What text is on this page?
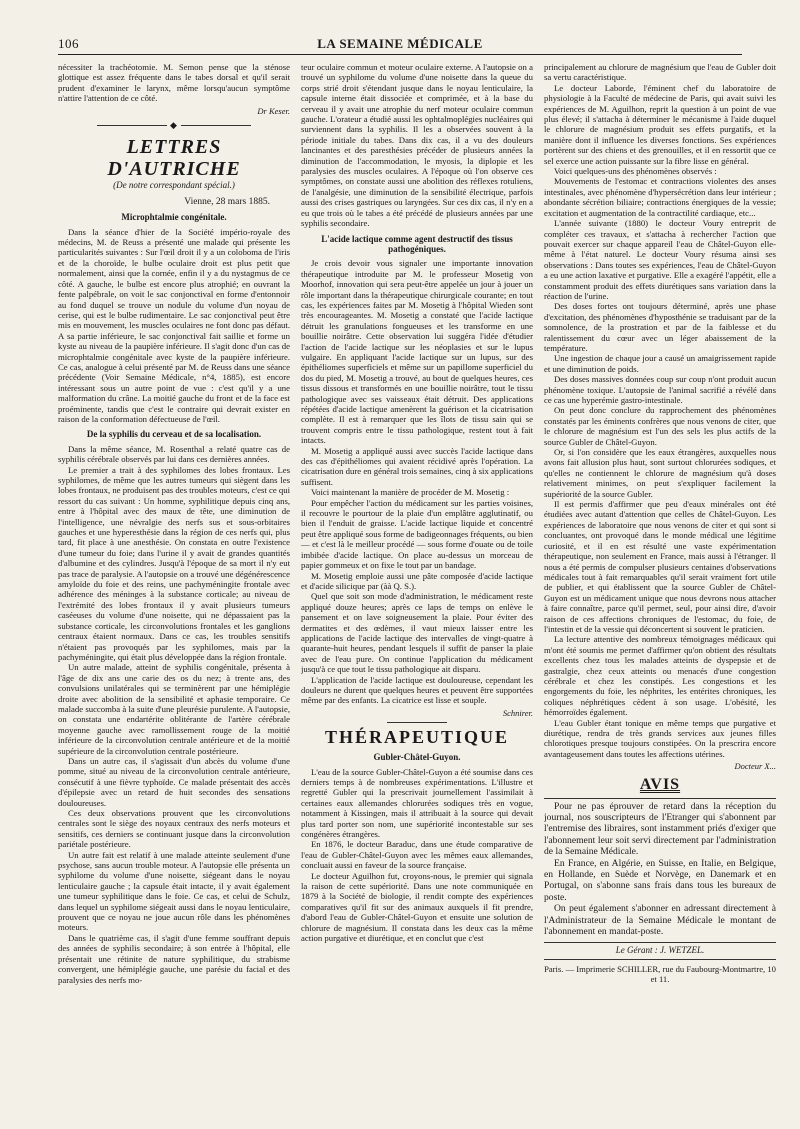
106	LA SEMAINE MÉDICALE

nécessiter la trachéotomie. M. Semon pense que la sténose glottique est assez fréquente dans le tabes dorsal et qu'il serait prudent d'examiner le larynx, même lorsqu'aucun symptôme n'attire l'attention de ce côté.

Dr Keser.
◆
LETTRES D'AUTRICHE
(De notre correspondant spécial.)
Vienne, 28 mars 1885.
Microphtalmie congénitale.

Dans la séance d'hier de la Société império-royale des médecins, M. de Reuss a présenté une malade qui présente les particularités suivantes : Sur l'œil droit il y a un coloboma de l'iris et de la choroïde, le bulbe oculaire droit est plus petit que normalement, ainsi que la cornée, enfin il y a du nystagmus de ce côté. A gauche, le bulbe est encore plus atrophié; en ouvrant la fente palpébrale, on voit le sac conjonctival en forme d'entonnoir au fond duquel se trouve un nodule du volume d'un noyau de cerise, qui est le bulbe rudimentaire. Le sac conjonctival peut être mis en mouvement, les muscles oculaires ne font donc pas défaut. A sa partie inférieure, le sac conjonctival fait saillie et forme un kyste au niveau de la paupière inférieure. Il s'agit donc d'un cas de microphtalmie congénitale avec kyste de la paupière inférieure. Ce cas, analogue à celui présenté par M. de Reuss dans une séance précédente (Voir Semaine Médicale, n°4, 1885), est encore intéressant sous un autre point de vue : c'est qu'il y a une malformation du crâne. La moitié gauche du front et de la face est proéminente, tandis que c'est le contraire qui devrait exister en raison de la conformation défectueuse de l'œil.

De la syphilis du cerveau et de sa localisation.

Dans la même séance, M. Rosenthal a relaté quatre cas de syphilis cérébrale observés par lui dans ces dernières années.

Le premier a trait à des syphilomes des lobes frontaux. Les syphilomes, de même que les autres tumeurs qui siègent dans les lobes frontaux, ne produisent pas des troubles moteurs, c'est ce qui ressort du cas suivant : Un homme, syphilitique depuis cinq ans, entre à l'hôpital avec des maux de tête, une diminution de l'intelligence, une névralgie des nerfs sus et sous-orbitaires gauches et une hyperesthésie dans la région de ces nerfs qui, plus tard, fit place à une anesthésie. On constata en outre l'existence d'une tumeur du foie; dans l'urine il y avait de grandes quantités d'albumine et des cylindres. Jusqu'à l'époque de sa mort il n'y eut pas trace de paralysie. A l'autopsie on a trouvé une dégénérescence amyloïde du foie et des reins, une pachyméningite frontale avec adhérence des méninges à la substance corticale; au niveau de l'extrémité des lobes frontaux il y avait plusieurs tumeurs caséeuses du volume d'une noisette, qui ne dépassaient pas la substance corticale, les circonvolutions frontales et les ganglions centraux étaient normaux. Dans ce cas, les troubles sensitifs n'étaient pas provoqués par les syphilomes, mais par la pachyméningite, qui était plus développée dans la région frontale.

Un autre malade, atteint de syphilis congénitale, présenta à l'âge de dix ans une carie des os du nez; à trente ans, des convulsions unilatérales qui se terminèrent par une hémiplégie droite avec abolition de la sensibilité et aphasie temporaire. Ce malade succomba à la suite d'une pleurésie purulente. A l'autopsie, on constata une endartérite oblitérante de l'artère cérébrale moyenne gauche avec ramollissement rouge de la moitié inférieure de la circonvolution centrale antérieure et de la moitié supérieure de la circonvolution centrale postérieure.

Dans un autre cas, il s'agissait d'un abcès du volume d'une pomme, situé au niveau de la circonvolution centrale antérieure, consécutif à une fièvre typhoïde. Ce malade présentait des accès d'épilepsie avec un retard de huit secondes des sensations douloureuses.

Ces deux observations prouvent que les circonvolutions centrales sont le siège des noyaux centraux des nerfs moteurs et sensitifs, ces derniers se continuant jusque dans la circonvolution pariétale postérieure.

Un autre fait est relatif à une malade atteinte seulement d'une psychose, sans aucun trouble moteur. A l'autopsie elle présenta un syphilome du volume d'une noisette, siégeant dans le noyau lenticulaire gauche ; la capsule était intacte, il y avait également une tumeur syphilitique dans le foie. Ce cas, et celui de Schulz, dans lequel un syphilome siégeait aussi dans le noyau lenticulaire, prouvent que ce noyau ne joue aucun rôle dans les phénomènes moteurs.

Dans le quatrième cas, il s'agit d'une femme souffrant depuis des années de syphilis secondaire; à son entrée à l'hôpital, elle présentait une rétinite de nature syphilitique, du strabisme convergent, une hémiplégie gauche, une parésie du facial et des paralysies des nerfs mo-

teur oculaire commun et moteur oculaire externe. A l'autopsie on a trouvé un syphilome du volume d'une noisette dans la queue du corps strié droit s'étendant jusque dans le noyau lenticulaire, la capsule interne était dissociée et comprimée, et à la base du cerveau il y avait une atrophie du nerf moteur oculaire commun gauche. L'orateur a étudié aussi les ophtalmoplégies nucléaires qui surviennent dans la syphilis. Il les a observées souvent à la période initiale du tabes. Dans dix cas, il a vu des douleurs lancinantes et des paresthésies précéder de plusieurs années la diminution de l'accommodation, le myosis, la diplopie et les paralysies des muscles oculaires. A l'époque où l'on observe ces symptômes, on constate aussi une abolition des réflexes rotuliens, de l'analgésie, une diminution de la sensibilité électrique, parfois aussi des crises gastriques ou laryngées. Sur ces dix cas, il n'y en a eu que trois où le tabes a été précédé de plusieurs années par une syphilis secondaire.

L'acide lactique comme agent destructif des tissus pathogéniques.

Je crois devoir vous signaler une importante innovation thérapeutique introduite par M. le professeur Mosetig von Moorhof, innovation qui sera peut-être appelée un jour à jouer un rôle important dans la thérapeutique chirurgicale courante; en tout cas, les expériences faites par M. Mosetig à l'hôpital Wieden sont très encourageantes. M. Mosetig a constaté que l'acide lactique détruit les granulations fongueuses et les transforme en une bouillie noirâtre. Cette observation lui suggéra l'idée d'étudier l'action de l'acide lactique sur les néoplasies et sur le lupus vulgaire. En appliquant l'acide lactique sur un lupus, sur des épithéliomes superficiels et même sur un papillome superficiel du dos du pied, M. Mosetig a trouvé, au bout de quelques heures, ces tissus dissous et transformés en une bouillie noirâtre, tout le tissu pathologique avec ses vaisseaux était détruit. Des applications répétées d'acide lactique amenèrent la guérison et la cicatrisation complète. Il est à remarquer que les îlots de tissu sain qui se trouvent compris entre le tissu pathologique, restent tout à fait intacts.

M. Mosetig a appliqué aussi avec succès l'acide lactique dans des cas d'épithéliomes qui avaient récidivé après l'opération. La cicatrisation dure en général trois semaines, cinq à six applications suffisent.

Voici maintenant la manière de procéder de M. Mosetig :

Pour empêcher l'action du médicament sur les parties voisines, il recouvre le pourtour de la plaie d'un emplâtre agglutinatif, ou bien il l'enduit de graisse. L'acide lactique liquide et concentré peut être appliqué sous forme de badigeonnages fréquents, ou bien — et c'est là le meilleur procédé — sous forme d'ouate ou de toile imbibée d'acide lactique. On place au-dessus un morceau de papier gommeux et on fixe le tout par un bandage.

M. Mosetig emploie aussi une pâte composée d'acide lactique et d'acide silicique par (àà Q. S.).

Quel que soit son mode d'administration, le médicament reste appliqué douze heures; après ce laps de temps on enlève le pansement et on lave soigneusement la plaie. Pour éviter des dermatites et des œdèmes, il vaut mieux laisser entre les applications de l'acide lactique des intervalles de vingt-quatre à quarante-huit heures, pendant lesquels il suffit de panser la plaie avec de l'eau pure. On continue l'application du médicament jusqu'à ce que tout le tissu pathologique ait disparu.

L'application de l'acide lactique est douloureuse, cependant les douleurs ne durent que quelques heures et peuvent être supportées même par des enfants. La cicatrice est lisse et souple.

Schnirer.
THÉRAPEUTIQUE
Gubler-Châtel-Guyon.

L'eau de la source Gubler-Châtel-Guyon a été soumise dans ces derniers temps à de nombreuses expérimentations. L'illustre et regretté Gubler qui la prescrivait journellement l'assimilait à certaines eaux allemandes chlorurées sodiques très en vogue, notamment à Kissingen, mais il attribuait à la source qui devait plus tard porter son nom, une supériorité incontestable sur ses congénères étrangères.

En 1876, le docteur Baraduc, dans une étude comparative de l'eau de Gubler-Châtel-Guyon avec les mêmes eaux allemandes, concluait aussi en faveur de la source française.

Le docteur Aguilhon fut, croyons-nous, le premier qui signala la raison de cette supériorité. Dans une note communiquée en 1879 à la Société de biologie, il rendit compte des expériences comparatives qu'il fit sur des animaux auxquels il fit prendre, d'abord l'eau de Gubler-Châtel-Guyon et ensuite une solution de chlorure de magnésium. Il constata dans les deux cas la même action purgative et diurétique, et en conclut que c'est

principalement au chlorure de magnésium que l'eau de Gubler doit sa vertu caractéristique.

Le docteur Laborde, l'éminent chef du laboratoire de physiologie à la Faculté de médecine de Paris, qui avait suivi les expériences de M. Aguilhon, reprit la question à un point de vue plus élevé; il s'attacha à déterminer le mécanisme à l'aide duquel le chlorure de magnésium produit ses effets purgatifs, et la manière dont il influence les diverses fonctions. Ses expériences portèrent sur des chiens et des grenouilles, et il en ressortit que ce sel exerce une action puissante sur la fibre lisse en général.

Voici quelques-uns des phénomènes observés :

Mouvements de l'estomac et contractions violentes des anses intestinales, avec phénomène d'hypersécrétion dans leur intérieur ; abondante sécrétion biliaire; contractions énergiques de la vessie; excitation et augmentation de la contractilité cardiaque, etc...

L'année suivante (1880) le docteur Voury entreprit de compléter ces travaux, et s'attacha à rechercher l'action que pouvait exercer sur chaque appareil l'eau de Châtel-Guyon elle-même à l'état naturel. Le docteur Voury résuma ainsi ses observations : Dans toutes ses expériences, l'eau de Châtel-Guyon a eu une action laxative et purgative. Elle a exagéré l'appétit, elle a constamment produit des effets diurétiques sans variation dans la réaction de l'urine.

Des doses fortes ont toujours déterminé, après une phase d'excitation, des phénomènes d'hyposthénie se traduisant par de la somnolence, de la prostration et par de la faiblesse et du ralentissement du cœur avec un léger abaissement de la température.

Une ingestion de chaque jour a causé un amaigrissement rapide et une diminution de poids.

Des doses massives données coup sur coup n'ont produit aucun phénomène toxique. L'autopsie de l'animal sacrifié a révélé dans ce cas une hyperémie gastro-intestinale.

On peut donc conclure du rapprochement des phénomènes constatés par les éminents confrères que nous venons de citer, que le chlorure de magnésium est l'un des sels les plus actifs de la source Gubler de Châtel-Guyon.

Or, si l'on considère que les eaux étrangères, auxquelles nous avons fait allusion plus haut, sont surtout chlorurées sodiques, et qu'elles ne contiennent le chlorure de magnésium qu'à doses relativement minimes, on peut s'expliquer facilement la supériorité de la source Gubler.

Il est permis d'affirmer que peu d'eaux minérales ont été étudiées avec autant d'attention que celles de Châtel-Guyon. Les expériences de laboratoire que nous venons de citer et qui sont si concluantes, ont provoqué dans le monde médical une légitime curiosité, et il en est résulté une vaste expérimentation thérapeutique, non seulement en France, mais aussi à l'étranger. Il nous a été permis de compulser plusieurs centaines d'observations médicales tout à fait remarquables qu'il serait vraiment fort utile de publier, et qui établissent que la source Gubler de Châtel-Guyon est un médicament unique que nous devrons nous attacher à faire connaître, parce qu'il permet, seul, pour ainsi dire, d'avoir raison de ces affections chroniques de l'estomac, du foie, de l'intestin et de la vessie qui déconcertent si souvent le praticien.

La lecture attentive des nombreux témoignages médicaux qui m'ont été soumis me permet d'affirmer qu'on obtient des résultats excellents chez tous les malades atteints de dyspepsie et de gastralgie, chez ceux atteints ou menacés d'une congestion cérébrale et chez les constipés. Les congestions et les engorgements du foie, les néphrites, les entérites chroniques, les coliques néphrétiques cèdent à son usage. L'obésité, les hémorroïdes également.

L'eau Gubler étant tonique en même temps que purgative et diurétique, rendra de très grands services aux jeunes filles chlorotiques presque toujours constipées. On la prescrira encore avantageusement dans toutes les affections utérines.

Docteur X...
AVIS

Pour ne pas éprouver de retard dans la réception du journal, nos souscripteurs de l'Etranger qui s'abonnent par l'entremise des libraires, sont instamment priés d'exiger que l'abonnement leur soit servi directement par l'administration de la Semaine Médicale.

En France, en Algérie, en Suisse, en Italie, en Belgique, en Hollande, en Suède et Norvège, en Danemark et en Portugal, on s'abonne sans frais dans tous les bureaux de poste.

On peut également s'abonner en adressant directement à l'Administrateur de la Semaine Médicale le montant de l'abonnement en mandat-poste.

Le Gérant : J. WETZEL.
Paris. — Imprimerie SCHILLER, rue du Faubourg-Montmartre, 10 et 11.
